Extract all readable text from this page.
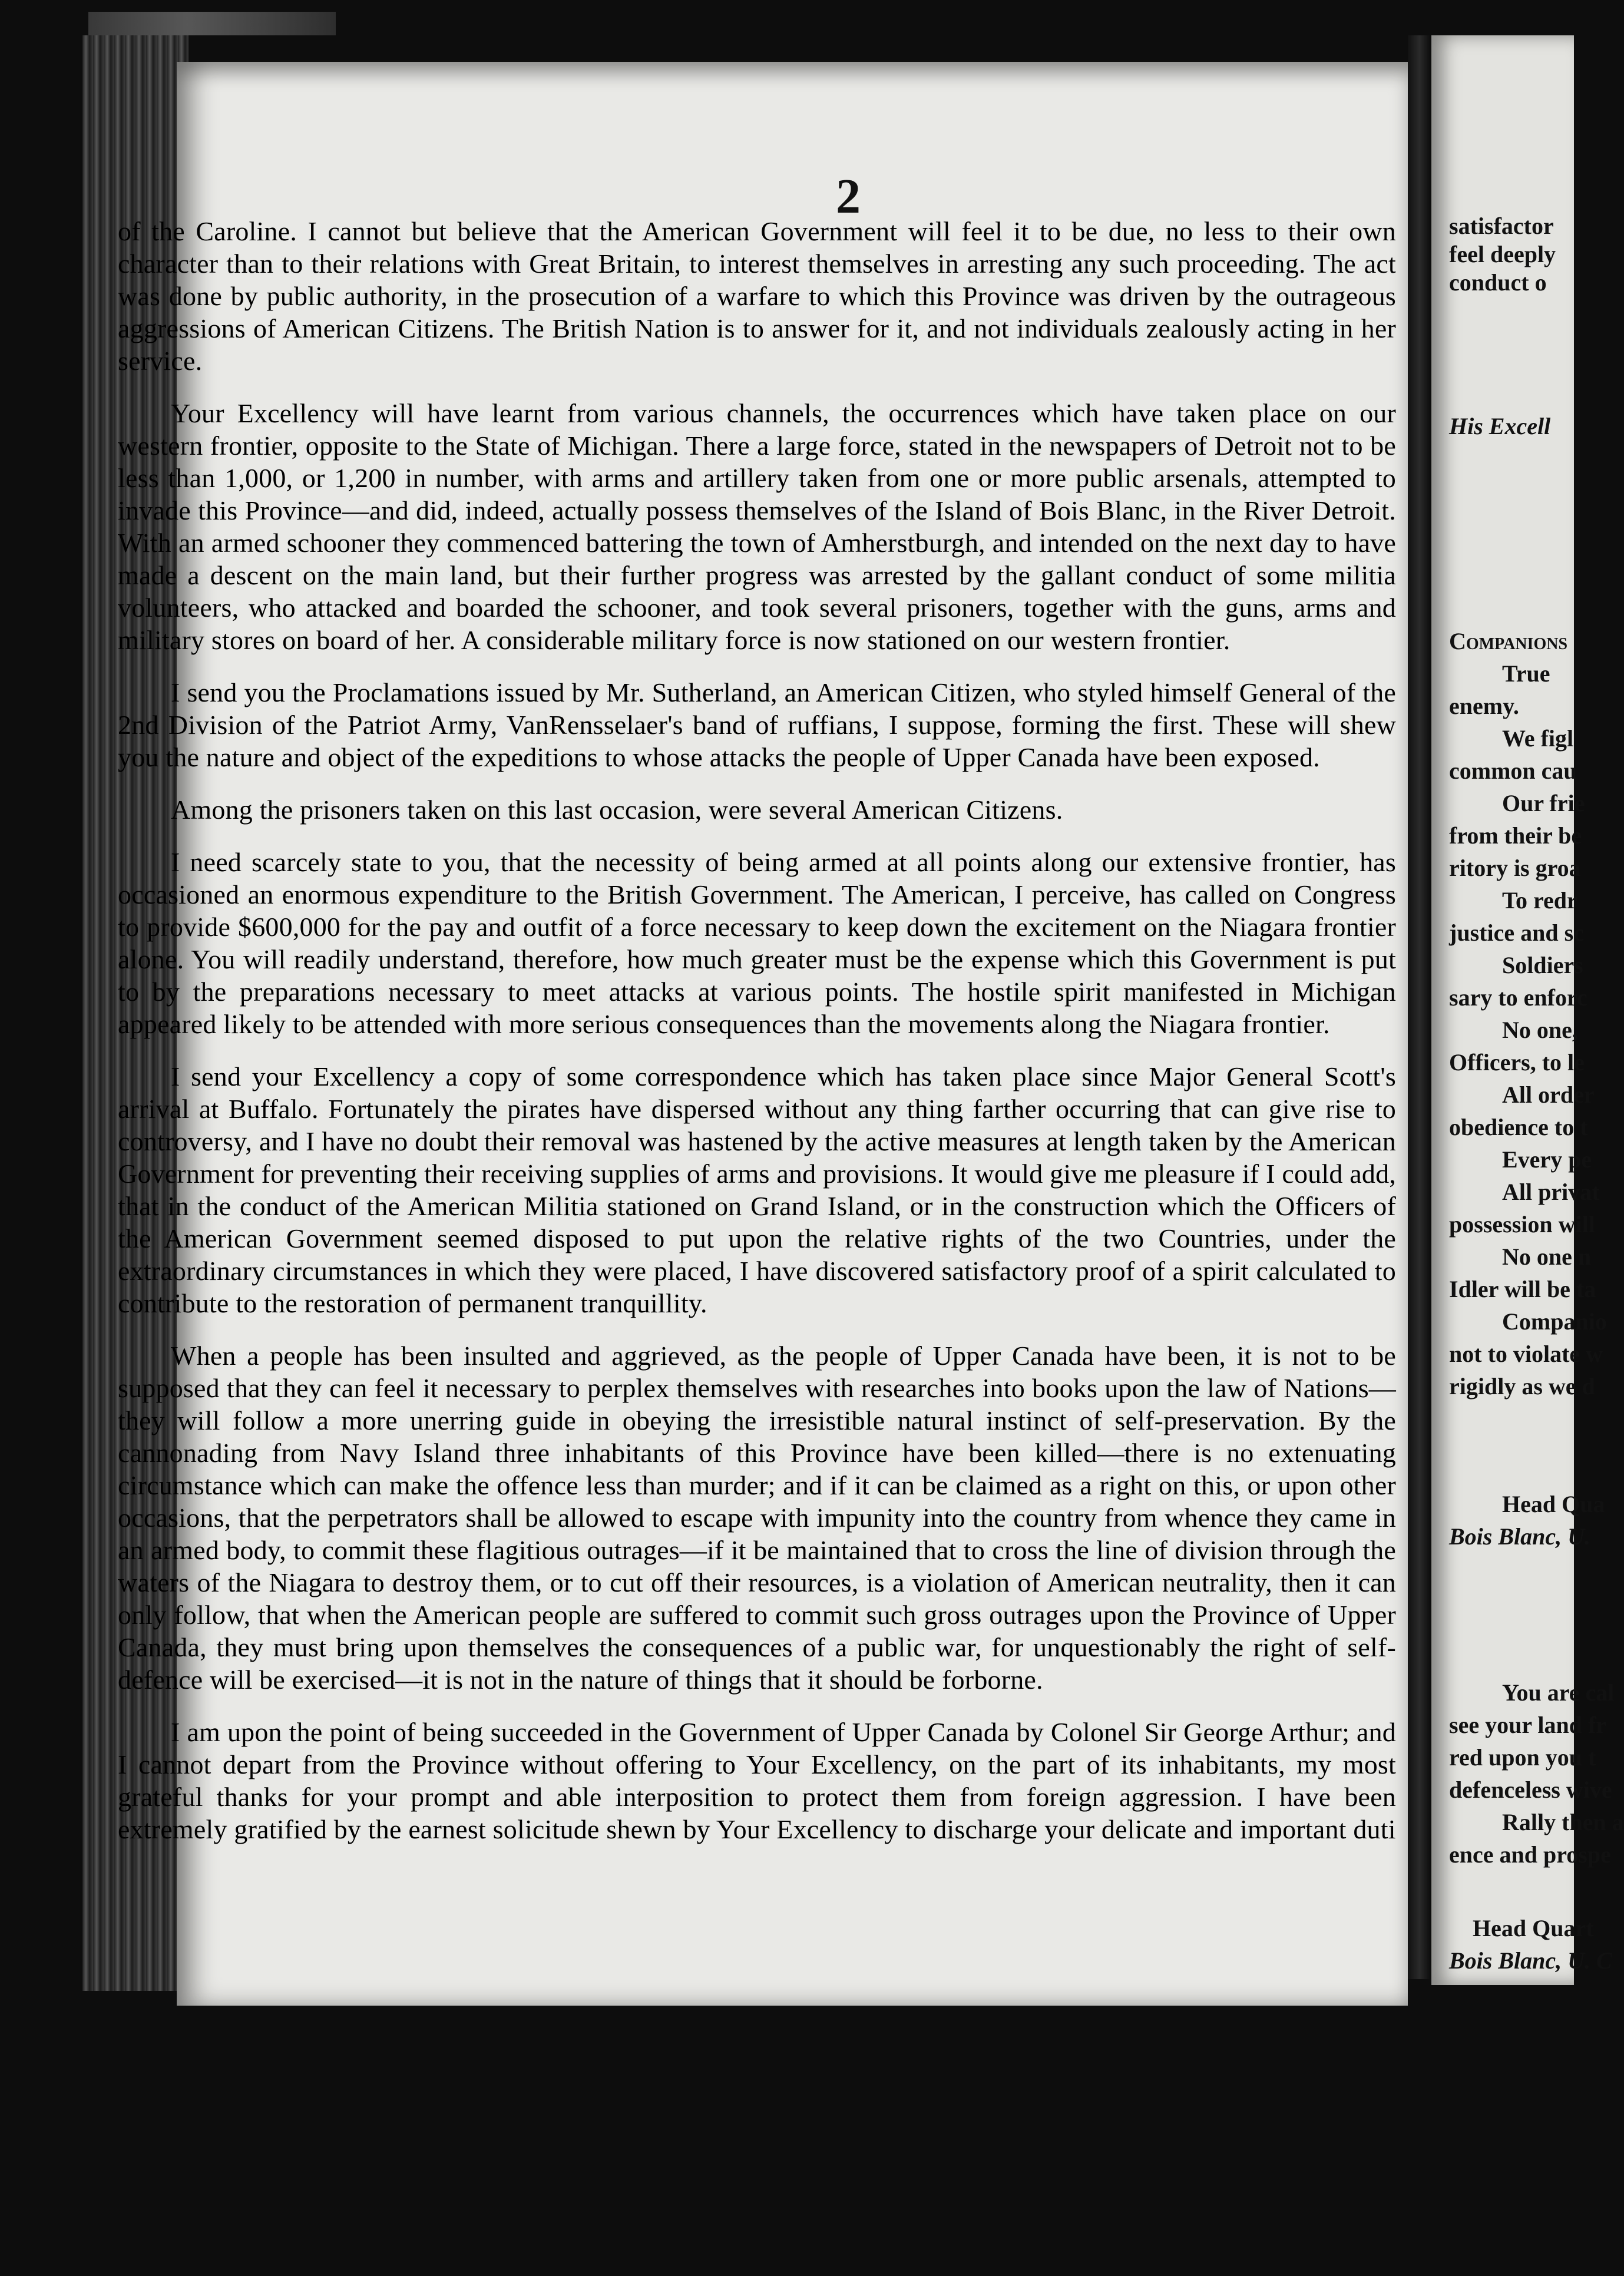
2

of the Caroline. I cannot but believe that the American Government will feel it to be due, no less to their own character than to their relations with Great Britain, to interest themselves in arresting any such proceeding. The act was done by public authority, in the prosecution of a warfare to which this Province was driven by the outrageous aggressions of American Citizens. The British Nation is to answer for it, and not individuals zealously acting in her service.

Your Excellency will have learnt from various channels, the occurrences which have taken place on our western frontier, opposite to the State of Michigan. There a large force, stated in the newspapers of Detroit not to be less than 1,000, or 1,200 in number, with arms and artillery taken from one or more public arsenals, attempted to invade this Province—and did, indeed, actually possess themselves of the Island of Bois Blanc, in the River Detroit. With an armed schooner they commenced battering the town of Amherstburgh, and intended on the next day to have made a descent on the main land, but their further progress was arrested by the gallant conduct of some militia volunteers, who attacked and boarded the schooner, and took several prisoners, together with the guns, arms and military stores on board of her. A considerable military force is now stationed on our western frontier.

I send you the Proclamations issued by Mr. Sutherland, an American Citizen, who styled himself General of the 2nd Division of the Patriot Army, VanRensselaer's band of ruffians, I suppose, forming the first. These will shew you the nature and object of the expeditions to whose attacks the people of Upper Canada have been exposed.

Among the prisoners taken on this last occasion, were several American Citizens.

I need scarcely state to you, that the necessity of being armed at all points along our extensive frontier, has occasioned an enormous expenditure to the British Government. The American, I perceive, has called on Congress to provide $600,000 for the pay and outfit of a force necessary to keep down the excitement on the Niagara frontier alone. You will readily understand, therefore, how much greater must be the expense which this Government is put to by the preparations necessary to meet attacks at various points. The hostile spirit manifested in Michigan appeared likely to be attended with more serious consequences than the movements along the Niagara frontier.

I send your Excellency a copy of some correspondence which has taken place since Major General Scott's arrival at Buffalo. Fortunately the pirates have dispersed without any thing farther occurring that can give rise to controversy, and I have no doubt their removal was hastened by the active measures at length taken by the American Government for preventing their receiving supplies of arms and provisions. It would give me pleasure if I could add, that in the conduct of the American Militia stationed on Grand Island, or in the construction which the Officers of the American Government seemed disposed to put upon the relative rights of the two Countries, under the extraordinary circumstances in which they were placed, I have discovered satisfactory proof of a spirit calculated to contribute to the restoration of permanent tranquillity.

When a people has been insulted and aggrieved, as the people of Upper Canada have been, it is not to be supposed that they can feel it necessary to perplex themselves with researches into books upon the law of Nations—they will follow a more unerring guide in obeying the irresistible natural instinct of self-preservation. By the cannonading from Navy Island three inhabitants of this Province have been killed—there is no extenuating circumstance which can make the offence less than murder; and if it can be claimed as a right on this, or upon other occasions, that the perpetrators shall be allowed to escape with impunity into the country from whence they came in an armed body, to commit these flagitious outrages—if it be maintained that to cross the line of division through the waters of the Niagara to destroy them, or to cut off their resources, is a violation of American neutrality, then it can only follow, that when the American people are suffered to commit such gross outrages upon the Province of Upper Canada, they must bring upon themselves the consequences of a public war, for unquestionably the right of self-defence will be exercised—it is not in the nature of things that it should be forborne.

I am upon the point of being succeeded in the Government of Upper Canada by Colonel Sir George Arthur; and I cannot depart from the Province without offering to Your Excellency, on the part of its inhabitants, my most grateful thanks for your prompt and able interposition to protect them from foreign aggression. I have been extremely gratified by the earnest solicitude shewn by Your Excellency to discharge your delicate and important duti

satisfactor
feel deeply
conduct o
His Excell
Companions
True
enemy.
We figl
common cau
Our frie
from their be
ritory is groa
To redr
justice and sc
Soldiers
sary to enforc
No one,
Officers, to le
All order
obedience to t
Every pe
All privat
possession will
No one n
Idler will be ta
Companio
not to violate w
rigidly as we d
Head Qua
Bois Blanc, U.
You are cal
see your land fr
red upon you t
defenceless wive
Rally then a
ence and prospe
Head Quart
Bois Blanc, U. C
